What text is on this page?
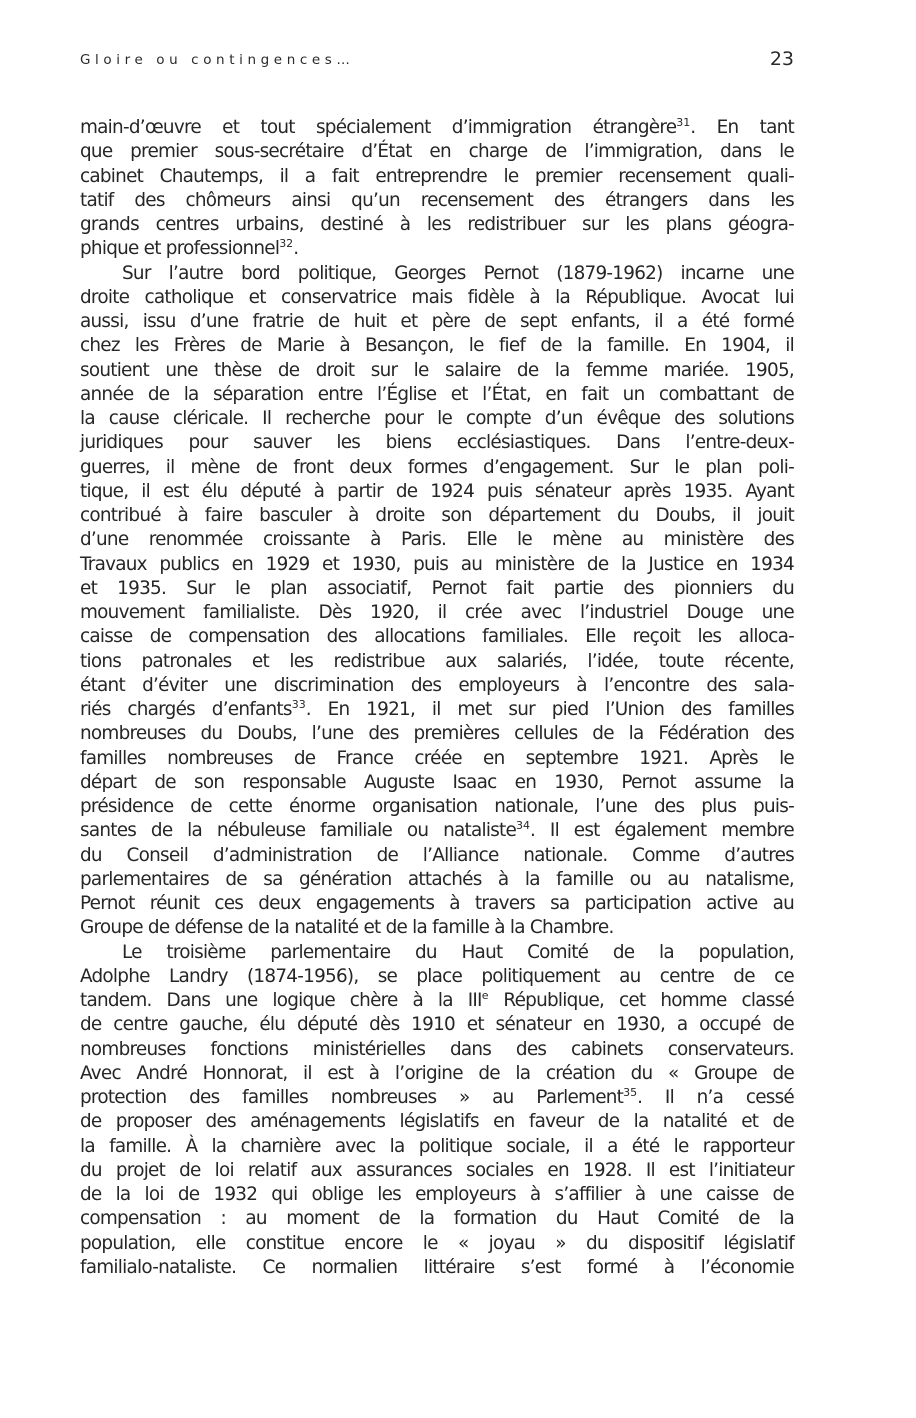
Gloire ou contingences…	23
main-d’œuvre et tout spécialement d’immigration étrangère$^{31}$. En tant
que premier sous-secrétaire d’État en charge de l’immigration, dans le
cabinet Chautemps, il a fait entreprendre le premier recensement quali-
tatif des chômeurs ainsi qu’un recensement des étrangers dans les
grands centres urbains, destiné à les redistribuer sur les plans géogra-
phique et professionnel$^{32}$.
Sur l’autre bord politique, Georges Pernot (1879-1962) incarne une
droite catholique et conservatrice mais fidèle à la République. Avocat lui
aussi, issu d’une fratrie de huit et père de sept enfants, il a été formé
chez les Frères de Marie à Besançon, le fief de la famille. En 1904, il
soutient une thèse de droit sur le salaire de la femme mariée. 1905,
année de la séparation entre l’Église et l’État, en fait un combattant de
la cause cléricale. Il recherche pour le compte d’un évêque des solutions
juridiques pour sauver les biens ecclésiastiques. Dans l’entre-deux-
guerres, il mène de front deux formes d’engagement. Sur le plan poli-
tique, il est élu député à partir de 1924 puis sénateur après 1935. Ayant
contribué à faire basculer à droite son département du Doubs, il jouit
d’une renommée croissante à Paris. Elle le mène au ministère des
Travaux publics en 1929 et 1930, puis au ministère de la Justice en 1934
et 1935. Sur le plan associatif, Pernot fait partie des pionniers du
mouvement familialiste. Dès 1920, il crée avec l’industriel Douge une
caisse de compensation des allocations familiales. Elle reçoit les alloca-
tions patronales et les redistribue aux salariés, l’idée, toute récente,
étant d’éviter une discrimination des employeurs à l’encontre des sala-
riés chargés d’enfants$^{33}$. En 1921, il met sur pied l’Union des familles
nombreuses du Doubs, l’une des premières cellules de la Fédération des
familles nombreuses de France créée en septembre 1921. Après le
départ de son responsable Auguste Isaac en 1930, Pernot assume la
présidence de cette énorme organisation nationale, l’une des plus puis-
santes de la nébuleuse familiale ou nataliste$^{34}$. Il est également membre
du Conseil d’administration de l’Alliance nationale. Comme d’autres
parlementaires de sa génération attachés à la famille ou au natalisme,
Pernot réunit ces deux engagements à travers sa participation active au
Groupe de défense de la natalité et de la famille à la Chambre.
Le troisième parlementaire du Haut Comité de la population,
Adolphe Landry (1874-1956), se place politiquement au centre de ce
tandem. Dans une logique chère à la IIIe République, cet homme classé
de centre gauche, élu député dès 1910 et sénateur en 1930, a occupé de
nombreuses fonctions ministérielles dans des cabinets conservateurs.
Avec André Honnorat, il est à l’origine de la création du « Groupe de
protection des familles nombreuses » au Parlement$^{35}$. Il n’a cessé
de proposer des aménagements législatifs en faveur de la natalité et de
la famille. À la charnière avec la politique sociale, il a été le rapporteur
du projet de loi relatif aux assurances sociales en 1928. Il est l’initiateur
de la loi de 1932 qui oblige les employeurs à s’affilier à une caisse de
compensation : au moment de la formation du Haut Comité de la
population, elle constitue encore le « joyau » du dispositif législatif
familialo-nataliste. Ce normalien littéraire s’est formé à l’économie
